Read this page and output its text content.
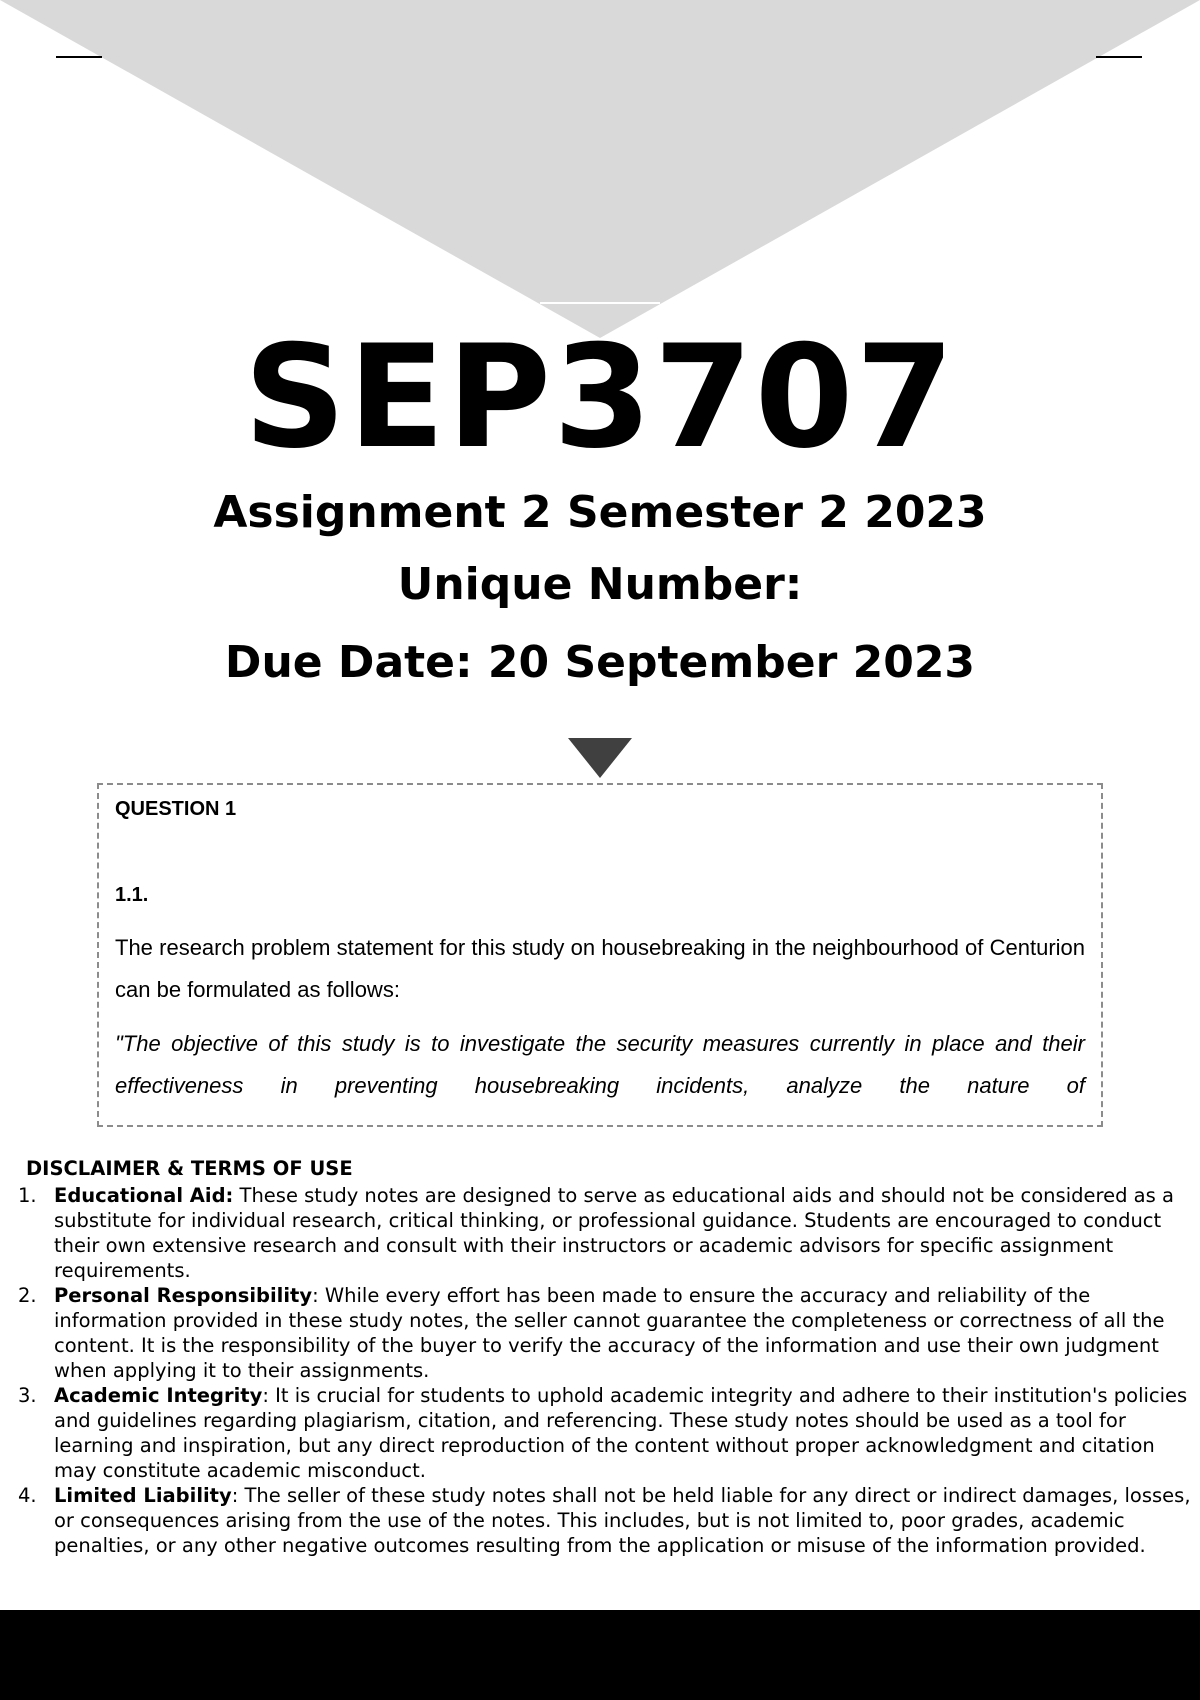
SEP3707
Assignment 2 Semester 2 2023
Unique Number:
Due Date: 20 September 2023

QUESTION 1

1.1.

The research problem statement for this study on housebreaking in the neighbourhood of Centurion can be formulated as follows:

"The objective of this study is to investigate the security measures currently in place and their effectiveness in preventing housebreaking incidents, analyze the nature of

DISCLAIMER & TERMS OF USE

1. Educational Aid: These study notes are designed to serve as educational aids and should not be considered as a substitute for individual research, critical thinking, or professional guidance. Students are encouraged to conduct their own extensive research and consult with their instructors or academic advisors for specific assignment requirements.
2. Personal Responsibility: While every effort has been made to ensure the accuracy and reliability of the information provided in these study notes, the seller cannot guarantee the completeness or correctness of all the content. It is the responsibility of the buyer to verify the accuracy of the information and use their own judgment when applying it to their assignments.
3. Academic Integrity: It is crucial for students to uphold academic integrity and adhere to their institution's policies and guidelines regarding plagiarism, citation, and referencing. These study notes should be used as a tool for learning and inspiration, but any direct reproduction of the content without proper acknowledgment and citation may constitute academic misconduct.
4. Limited Liability: The seller of these study notes shall not be held liable for any direct or indirect damages, losses, or consequences arising from the use of the notes. This includes, but is not limited to, poor grades, academic penalties, or any other negative outcomes resulting from the application or misuse of the information provided.
